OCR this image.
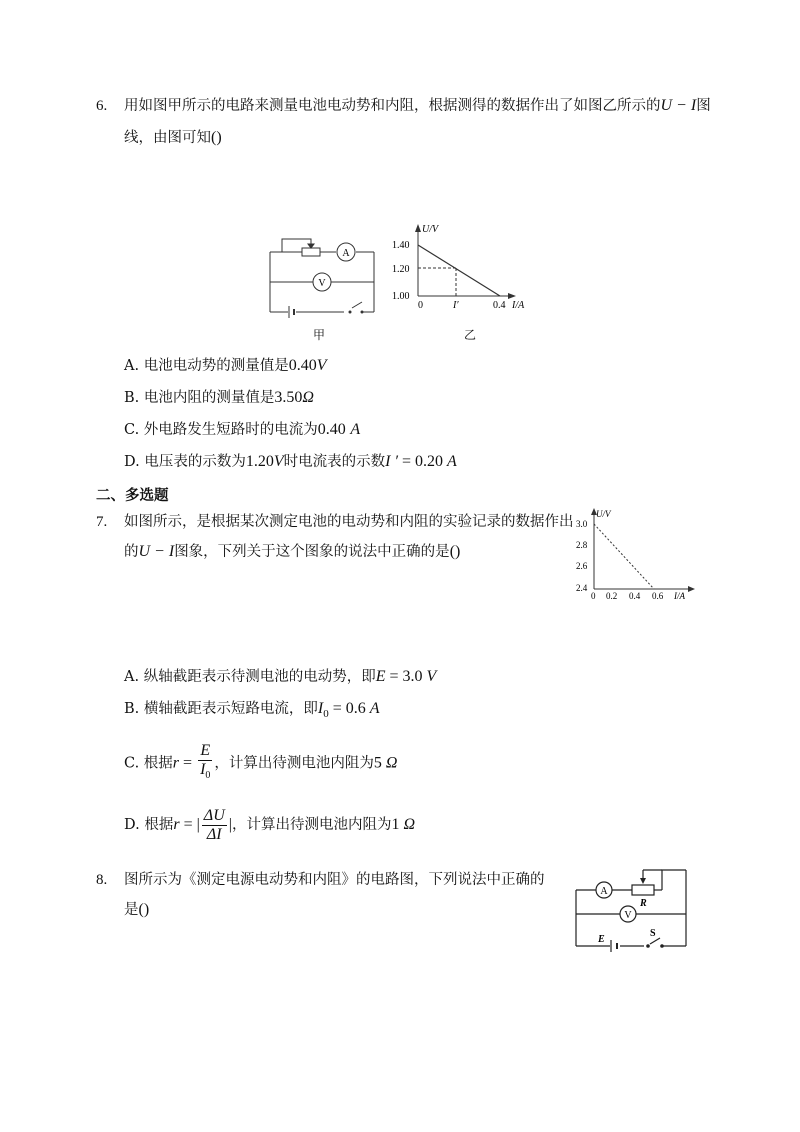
6. 用如图甲所示的电路来测量电池电动势和内阻，根据测得的数据作出了如图乙所示的U − I图
线，由图可知()
A
V
甲
U/V
1.40
1.20
1.00
0	I′	0.4 I/A
乙
A. 电池电动势的测量值是0.40V
B. 电池内阻的测量值是3.50Ω
C. 外电路发生短路时的电流为0.40 A
D. 电压表的示数为1.20V时电流表的示数I ′ = 0.20 A
二、多选题
7. 如图所示，是根据某次测定电池的电动势和内阻的实验记录的数据作出
的U − I图象，下列关于这个图象的说法中正确的是()
U/V
3.0
2.8
2.6
2.4
0 0.2 0.4 0.6 I/A
A. 纵轴截距表示待测电池的电动势，即E = 3.0 V
B. 横轴截距表示短路电流，即$I_0 = 0.6$ A
C. 根据$r = \frac{E}{I_0}$ ，计算出待测电池内阻为5 Ω
D. 根据r = | $\frac{\Delta U}{\Delta I}$ |，计算出待测电池内阻为1 Ω
8. 图所示为《测定电源电动势和内阻》的电路图，下列说法中正确的
是()
A
V
R
E
S
